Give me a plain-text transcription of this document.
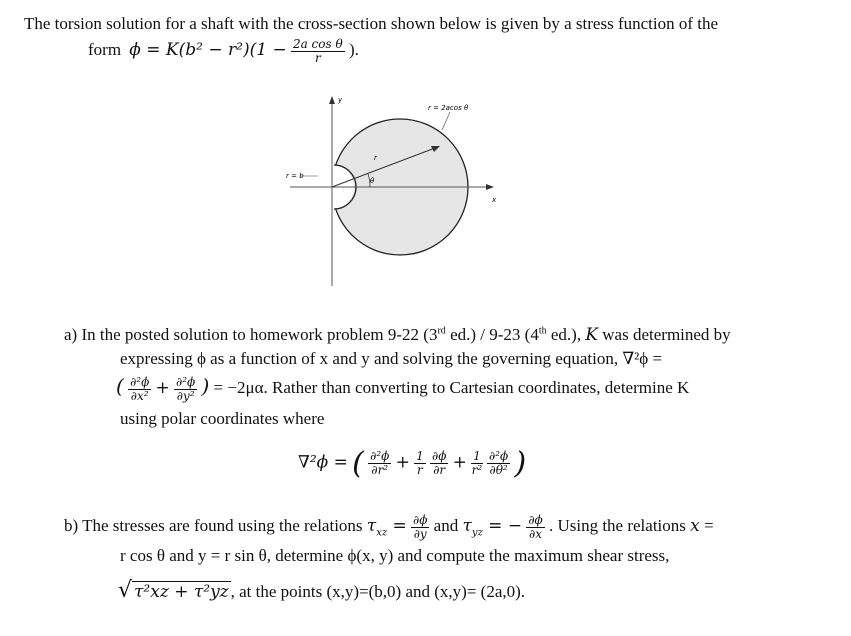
The torsion solution for a shaft with the cross-section shown below is given by a stress function of the
form $\phi = K(b^2 - r^2)(1 - \frac{\text{2a cos θ}}{r}$ ).
y
x
r = b
r = 2acos θ
r
θ
a) In the posted solution to homework problem 9-22 (3rd ed.) / 9-23 (4th ed.), K was determined by
expressing ϕ as a function of x and y and solving the governing equation, ∇²ϕ =
( $\frac{\text{∂²ϕ}}{\text{∂x²}} + \frac{\text{∂²ϕ}}{\text{∂y²}}$ ) = −2μα. Rather than converting to Cartesian coordinates, determine K
using polar coordinates where
∇²ϕ = ( $\frac{\text{∂²ϕ}}{\text{∂r²}} + \frac{1}{r}$
$\frac{\partial\phi}{\partial r} + \frac{1}{\text{r²}}$
$\frac{\text{∂²ϕ}}{\text{∂θ²}}$ )
b) The stresses are found using the relations $\tau_{xz} = \frac{\partial\phi}{\partial y}$ and $\tau_{yz}$ = − $\frac{\partial\phi}{\partial x}$ . Using the relations x =
r cos θ and y = r sin θ, determine ϕ(x, y) and compute the maximum shear stress,
√ τ²xz + τ²yz , at the points (x,y)=(b,0) and (x,y)= (2a,0).
